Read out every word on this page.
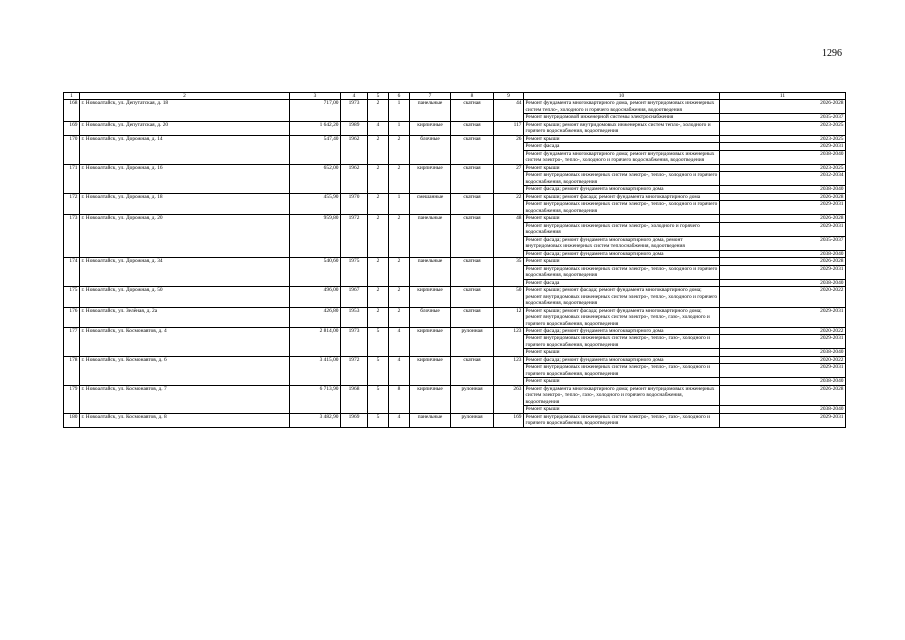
1296
1	2	3	4	5	6	7	8	9	10	11
168	г. Новоалтайск, ул. Депутатская, д. 18	717,00	1973	2	1	панельные	скатная	44	Ремонт фундамента многоквартирного дома, ремонт внутридомовых инженерных систем тепло-, холодного и горячего водоснабжения, водоотведения	2026-2028
									Ремонт внутридомовой инженерной системы электроснабжения	2035-2037
169	г. Новоалтайск, ул. Депутатская, д. 20	1 642,20	1989	4	1	кирпичные	скатная	117	Ремонт крыши; ремонт внутридомовых инженерных систем тепло-, холодного и горячего водоснабжения, водоотведения	2023-2025
170	г. Новоалтайск, ул. Дорожная, д. 14	547,40	1962	2	2	блочные	скатная	26	Ремонт крыши	2023-2025
									Ремонт фасада	2029-2031
									Ремонт фундамента многоквартирного дома; ремонт внутридомовых инженерных систем электро-, тепло-, холодного и горячего водоснабжения, водоотведения	2038-2040
171	г. Новоалтайск, ул. Дорожная, д. 16	652,00	1962	2	2	кирпичные	скатная	27	Ремонт крыши	2023-2025
									Ремонт внутридомовых инженерных систем электро-, тепло-, холодного и горячего водоснабжения, водоотведения	2032-2034
									Ремонт фасада; ремонт фундамента многоквартирного дома	2038-2040
172	г. Новоалтайск, ул. Дорожная, д. 18	455,90	1970	2	1	смешанные	скатная	22	Ремонт крыши; ремонт фасада; ремонт фундамента многоквартирного дома	2026-2028
									Ремонт внутридомовых инженерных систем электро-, тепло-, холодного и горячего водоснабжения, водоотведения	2029-2031
173	г. Новоалтайск, ул. Дорожная, д. 20	959,80	1972	2	2	панельные	скатная	48	Ремонт крыши	2026-2028
									Ремонт внутридомовых инженерных систем электро-, холодного и горячего водоснабжения	2029-2031
									Ремонт фасада; ремонт фундамента многоквартирного дома, ремонт внутридомовых инженерных систем теплоснабжения, водоотведения	2035-2037
									Ремонт фасада; ремонт фундамента многоквартирного дома	2038-2040
174	г. Новоалтайск, ул. Дорожная, д. 34	540,60	1975	2	2	панельные	скатная	35	Ремонт крыши	2026-2028
									Ремонт внутридомовых инженерных систем электро-, тепло-, холодного и горячего водоснабжения, водоотведения	2029-2031
									Ремонт фасада	2038-2040
175	г. Новоалтайск, ул. Дорожная, д. 50	496,00	1967	2	2	кирпичные	скатная	50	Ремонт крыши; ремонт фасада; ремонт фундамента многоквартирного дома; ремонт внутридомовых инженерных систем электро-, тепло-, холодного и горячего водоснабжения, водоотведения	2020-2022
176	г. Новоалтайск, ул. Зелёная, д. 2а	426,80	1953	2	2	блочные	скатная	12	Ремонт крыши; ремонт фасада; ремонт фундамента многоквартирного дома; ремонт внутридомовых инженерных систем электро-, тепло-, газо-, холодного и горячего водоснабжения, водоотведения	2029-2031
177	г. Новоалтайск, ул. Космонавтов, д. 4	2 814,00	1973	5	4	кирпичные	рулонная	123	Ремонт фасада; ремонт фундамента многоквартирного дома	2020-2022
									Ремонт внутридомовых инженерных систем электро-, тепло-, газо-, холодного и горячего водоснабжения, водоотведения	2029-2031
									Ремонт крыши	2038-2040
178	г. Новоалтайск, ул. Космонавтов, д. 6	3 415,00	1972	5	4	кирпичные	скатная	123	Ремонт фасада; ремонт фундамента многоквартирного дома	2020-2022
									Ремонт внутридомовых инженерных систем электро-, тепло-, газо-, холодного и горячего водоснабжения, водоотведения	2029-2031
									Ремонт крыши	2038-2040
179	г. Новоалтайск, ул. Космонавтов, д. 7	6 713,90	1968	5	8	кирпичные	рулонная	263	Ремонт фундамента многоквартирного дома; ремонт внутридомовых инженерных систем электро-, тепло-, газо-, холодного и горячего водоснабжения, водоотведения	2026-2028
									Ремонт крыши	2038-2040
180	г. Новоалтайск, ул. Космонавтов, д. 8	3 482,90	1969	5	4	панельные	рулонная	169	Ремонт внутридомовых инженерных систем электро-, тепло-, газо-, холодного и горячего водоснабжения, водоотведения	2029-2031
